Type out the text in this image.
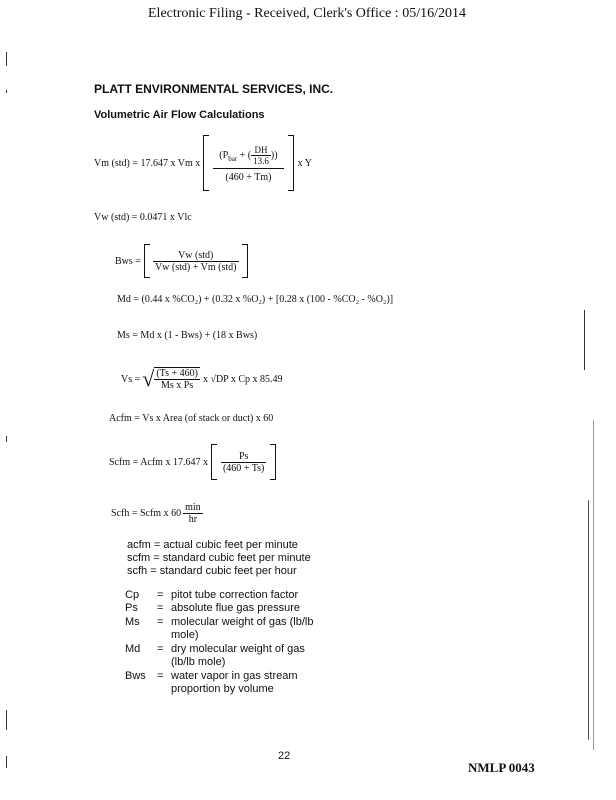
Electronic Filing - Received, Clerk's Office : 05/16/2014
PLATT ENVIRONMENTAL SERVICES, INC.
Volumetric Air Flow Calculations
Vm (std) = 17.647 x Vm x $\frac{(P_{bar} + ( \frac{DH}{13.6} ))}{(460 + Tm)}$ x Y
Vw (std) = 0.0471 x Vlc
Bws = $\frac{\text{Vw (std)}}{\text{Vw (std) + Vm (std)}}$
Md = (0.44 x %CO₂) + (0.32 x %O₂) + [0.28 x (100 - %CO₂ - %O₂)]
Ms = Md x (1 - Bws) + (18 x Bws)
Vs = √ $\frac{(Ts + 460)}{\text{Ms x Ps}}$ x √DP x Cp x 85.49
Acfm = Vs x Area (of stack or duct) x 60
Scfm = Acfm x 17.647 x $\frac{Ps}{(460 + Ts)}$
Scfh = Scfm x $60 \frac{\min}{hr}$
acfm = actual cubic feet per minute
scfm = standard cubic feet per minute
scfh = standard cubic feet per hour
Cp = pitot tube correction factor
Ps = absolute flue gas pressure
Ms = molecular weight of gas (lb/lb
mole)
Md = dry molecular weight of gas
(lb/lb mole)
Bws = water vapor in gas stream
proportion by volume
22
NMLP 0043
